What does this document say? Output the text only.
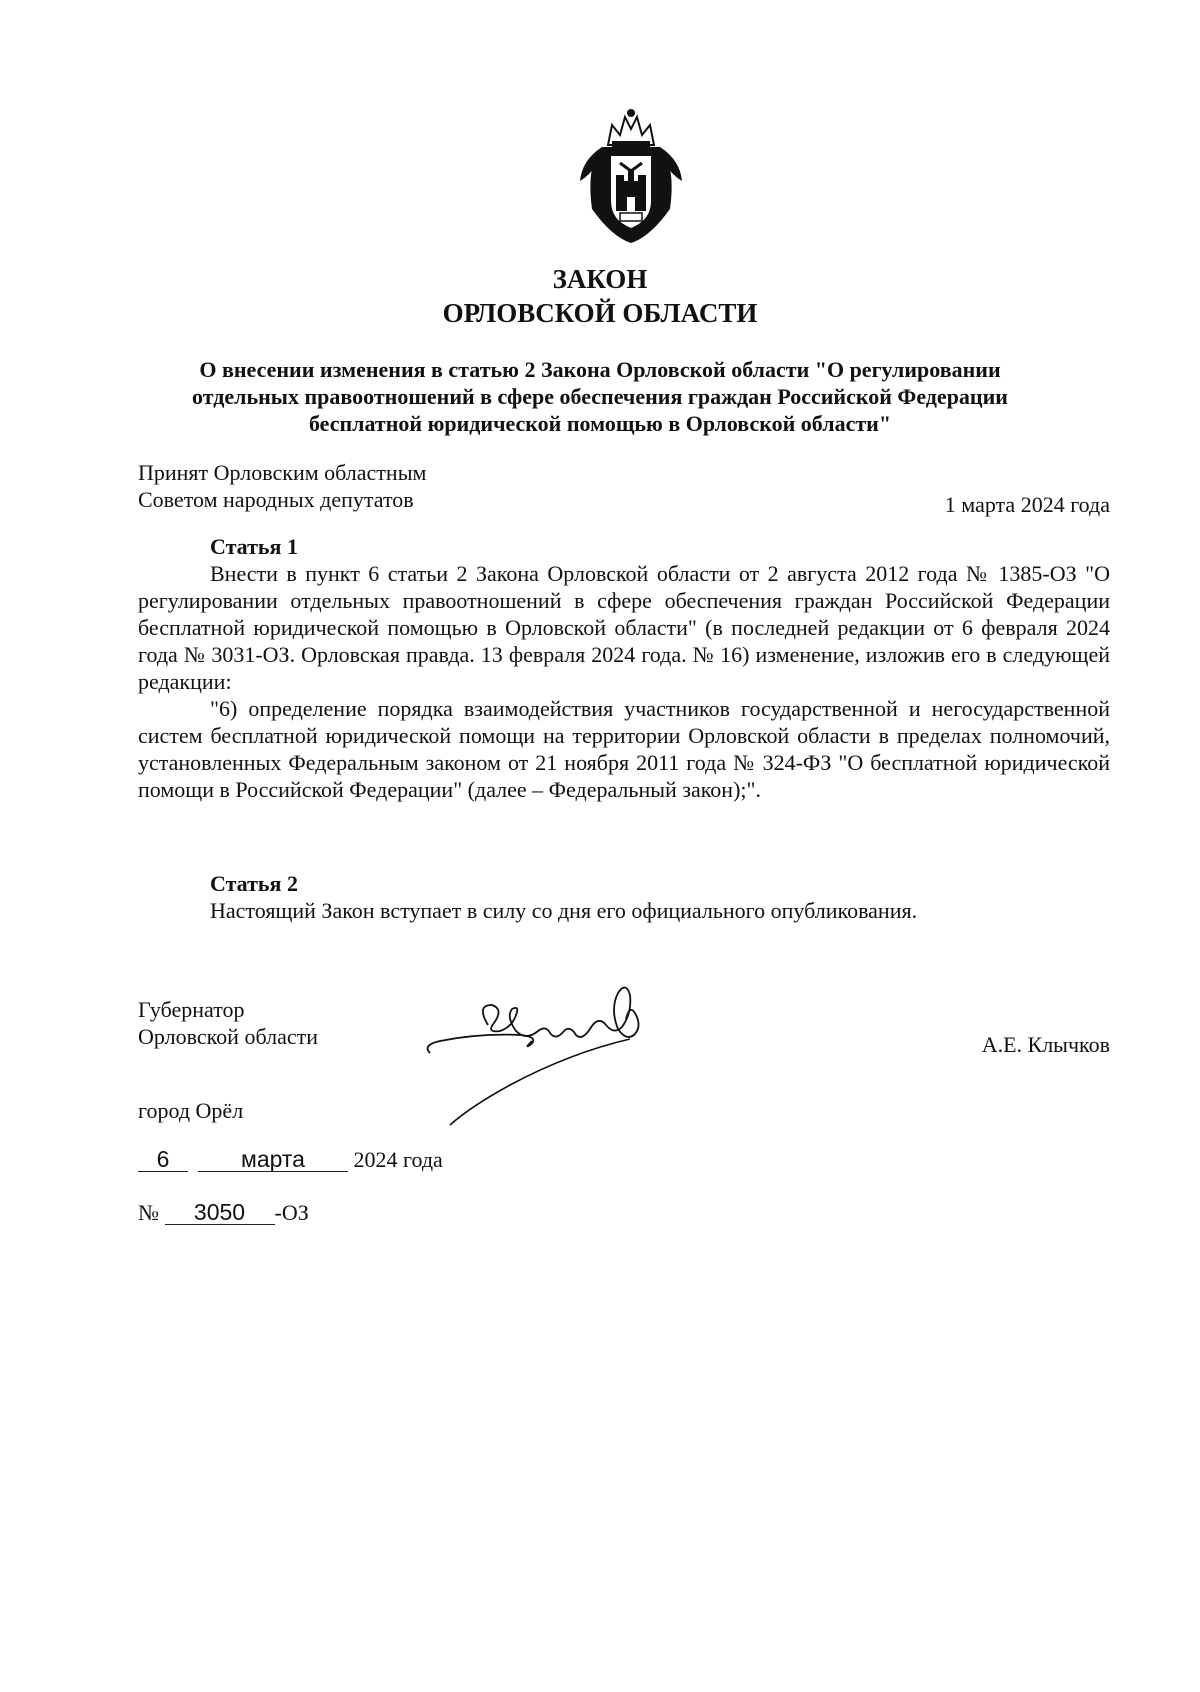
ЗАКОН
ОРЛОВСКОЙ ОБЛАСТИ
О внесении изменения в статью 2 Закона Орловской области "О регулировании
отдельных правоотношений в сфере обеспечения граждан Российской Федерации
бесплатной юридической помощью в Орловской области"
Принят Орловским областным
Советом народных депутатов	1 марта 2024 года
Статья 1

Внести в пункт 6 статьи 2 Закона Орловской области от 2 августа 2012 года № 1385-ОЗ "О регулировании отдельных правоотношений в сфере обеспечения граждан Российской Федерации бесплатной юридической помощью в Орловской области" (в последней редакции от 6 февраля 2024 года № 3031-ОЗ. Орловская правда. 13 февраля 2024 года. № 16) изменение, изложив его в следующей редакции:

"6) определение порядка взаимодействия участников государственной и негосударственной систем бесплатной юридической помощи на территории Орловской области в пределах полномочий, установленных Федеральным законом от 21 ноября 2011 года № 324-ФЗ "О бесплатной юридической помощи в Российской Федерации" (далее – Федеральный закон);".

Статья 2

Настоящий Закон вступает в силу со дня его официального опубликования.

Губернатор
Орловской области	А.Е. Клычков
город Орёл
6	марта 2024 года
№ 3050 -ОЗ
